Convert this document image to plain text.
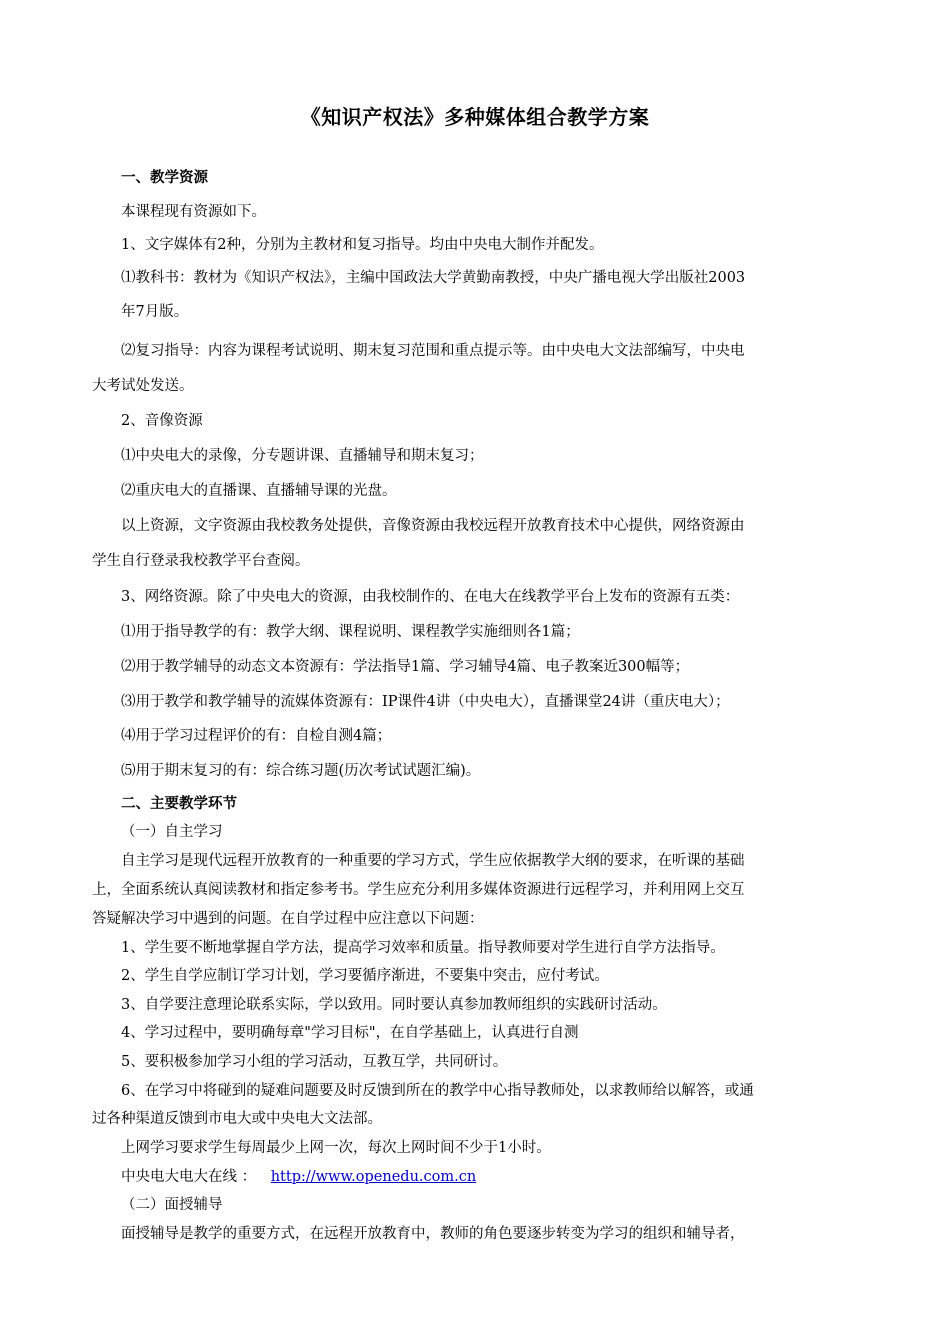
《知识产权法》多种媒体组合教学方案
一、教学资源
本课程现有资源如下。
1、文字媒体有2种，分别为主教材和复习指导。均由中央电大制作并配发。
⑴教科书：教材为《知识产权法》，主编中国政法大学黄勤南教授，中央广播电视大学出版社2003
年7月版。
⑵复习指导：内容为课程考试说明、期末复习范围和重点提示等。由中央电大文法部编写，中央电
大考试处发送。
2、音像资源
⑴中央电大的录像，分专题讲课、直播辅导和期末复习；
⑵重庆电大的直播课、直播辅导课的光盘。
以上资源，文字资源由我校教务处提供，音像资源由我校远程开放教育技术中心提供，网络资源由
学生自行登录我校教学平台查阅。
3、网络资源。除了中央电大的资源，由我校制作的、在电大在线教学平台上发布的资源有五类：
⑴用于指导教学的有：教学大纲、课程说明、课程教学实施细则各1篇；
⑵用于教学辅导的动态文本资源有：学法指导1篇、学习辅导4篇、电子教案近300幅等；
⑶用于教学和教学辅导的流媒体资源有：IP课件4讲（中央电大），直播课堂24讲（重庆电大）；
⑷用于学习过程评价的有：自检自测4篇；
⑸用于期末复习的有：综合练习题(历次考试试题汇编)。
二、主要教学环节
（一）自主学习
自主学习是现代远程开放教育的一种重要的学习方式，学生应依据教学大纲的要求，在听课的基础
上，全面系统认真阅读教材和指定参考书。学生应充分利用多媒体资源进行远程学习，并利用网上交互
答疑解决学习中遇到的问题。在自学过程中应注意以下问题：
1、学生要不断地掌握自学方法，提高学习效率和质量。指导教师要对学生进行自学方法指导。
2、学生自学应制订学习计划，学习要循序渐进，不要集中突击，应付考试。
3、自学要注意理论联系实际，学以致用。同时要认真参加教师组织的实践研讨活动。
4、学习过程中，要明确每章"学习目标"，在自学基础上，认真进行自测
5、要积极参加学习小组的学习活动，互教互学，共同研讨。
6、在学习中将碰到的疑难问题要及时反馈到所在的教学中心指导教师处，以求教师给以解答，或通
过各种渠道反馈到市电大或中央电大文法部。
上网学习要求学生每周最少上网一次，每次上网时间不少于1小时。
中央电大电大在线 ： http://www.openedu.com.cn
（二）面授辅导
面授辅导是教学的重要方式，在远程开放教育中，教师的角色要逐步转变为学习的组织和辅导者，
